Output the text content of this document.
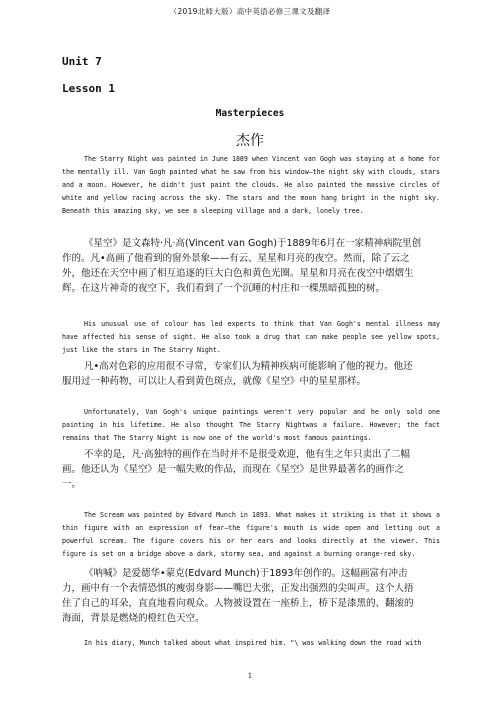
（2019北师大版）高中英语必修三课文及翻译
Unit 7
Lesson 1
Masterpieces
杰作
The Starry Night was painted in June 1889 when Vincent van Gogh was staying at a home for the mentally ill. Van Gogh painted what he saw from his window—the night sky with clouds, stars and a moon. However, he didn't just paint the clouds. He also painted the massive circles of white and yellow racing across the sky. The stars and the moon hang bright in the night sky. Beneath this amazing sky, we see a sleeping village and a dark, lonely tree.
《星空》是文森特·凡·高(Vincent van Gogh)于1889年6月在一家精神病院里创作的。凡•高画了他看到的窗外景象——有云、星星和月亮的夜空。然而，除了云之外，他还在天空中画了相互追逐的巨大白色和黄色光圈。星星和月亮在夜空中熠熠生辉。在这片神奇的夜空下，我们看到了一个沉睡的村庄和一棵黑暗孤独的树。
His unusual use of colour has led experts to think that Van Gogh's mental illness may have affected his sense of sight. He also took a drug that can make people see yellow spots, just like the stars in The Starry Night.
凡•高对色彩的应用很不寻常，专家们认为精神疾病可能影响了他的视力。他还服用过一种药物，可以让人看到黄色斑点，就像《星空》中的星星那样。
Unfortunately, Van Gogh's unique paintings weren't very popular and he only sold one painting in his lifetime. He also thought The Starry Nightwas a failure. However; the fact remains that The Starry Night is now one of the world's most famous paintings.
不幸的是，凡·高独特的画作在当时并不是很受欢迎，他有生之年只卖出了二幅画。他还认为《星空》是一幅失败的作品，而现在《星空》是世界最著名的画作之一。
The Scream was painted by Edvard Munch in 1893. What makes it striking is that it shows a thin figure with an expression of fear—the figure's mouth is wide open and letting out a powerful scream. The figure covers his or her ears and looks directly at the viewer. This figure is set on a bridge above a dark, stormy sea, and against a burning orange-red sky.
《呐喊》是爱德华•蒙克(Edvard Munch)于1893年创作的。这幅画富有冲击力，画中有一个表情恐惧的瘦弱身影——嘴巴大张，正发出强烈的尖叫声。这个人捂住了自己的耳朵，直直地看向观众。人物被设置在一座桥上，桥下是漆黑的、翻滚的海面，背景是燃烧的橙红色天空。
In his diary, Munch talked about what inspired him. "\ was walking down the road with
1
